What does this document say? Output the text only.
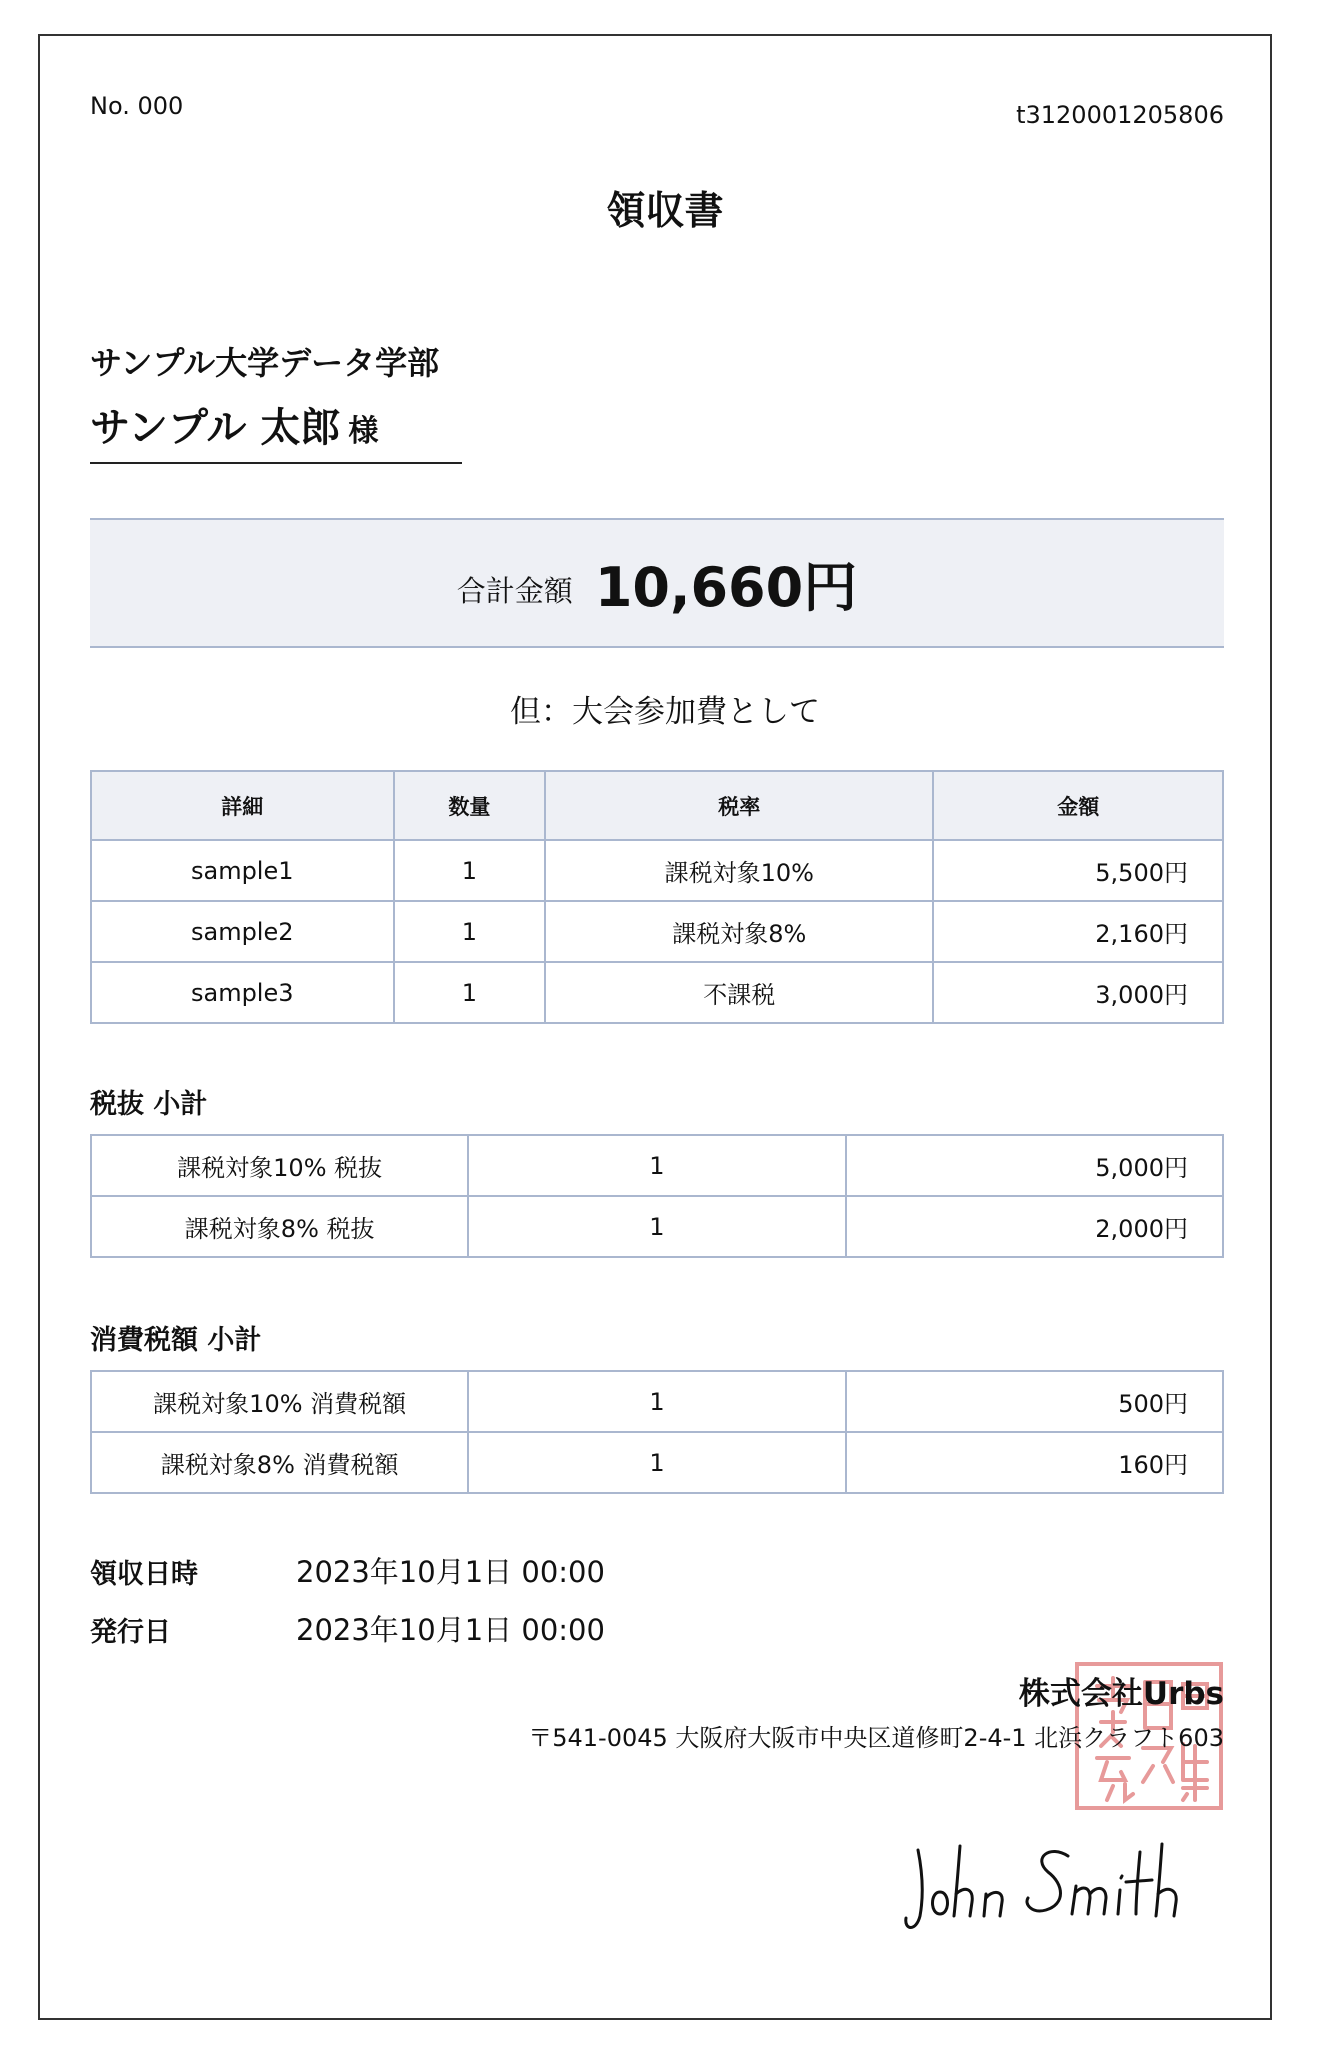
No. 000	t3120001205806
領収書
サンプル大学データ学部
サンプル 太郎 様
合計金額 10,660円
但：大会参加費として
詳細	数量	税率	金額
sample1	1	課税対象10%	5,500円
sample2	1	課税対象8%	2,160円
sample3	1	不課税	3,000円
税抜 小計
課税対象10% 税抜	1	5,000円
課税対象8% 税抜	1	2,000円
消費税額 小計
課税対象10% 消費税額	1	500円
課税対象8% 消費税額	1	160円
領収日時	2023年10月1日 00:00
発行日	2023年10月1日 00:00
株式会社Urbs
〒541-0045 大阪府大阪市中央区道修町2-4-1 北浜クラフト603
